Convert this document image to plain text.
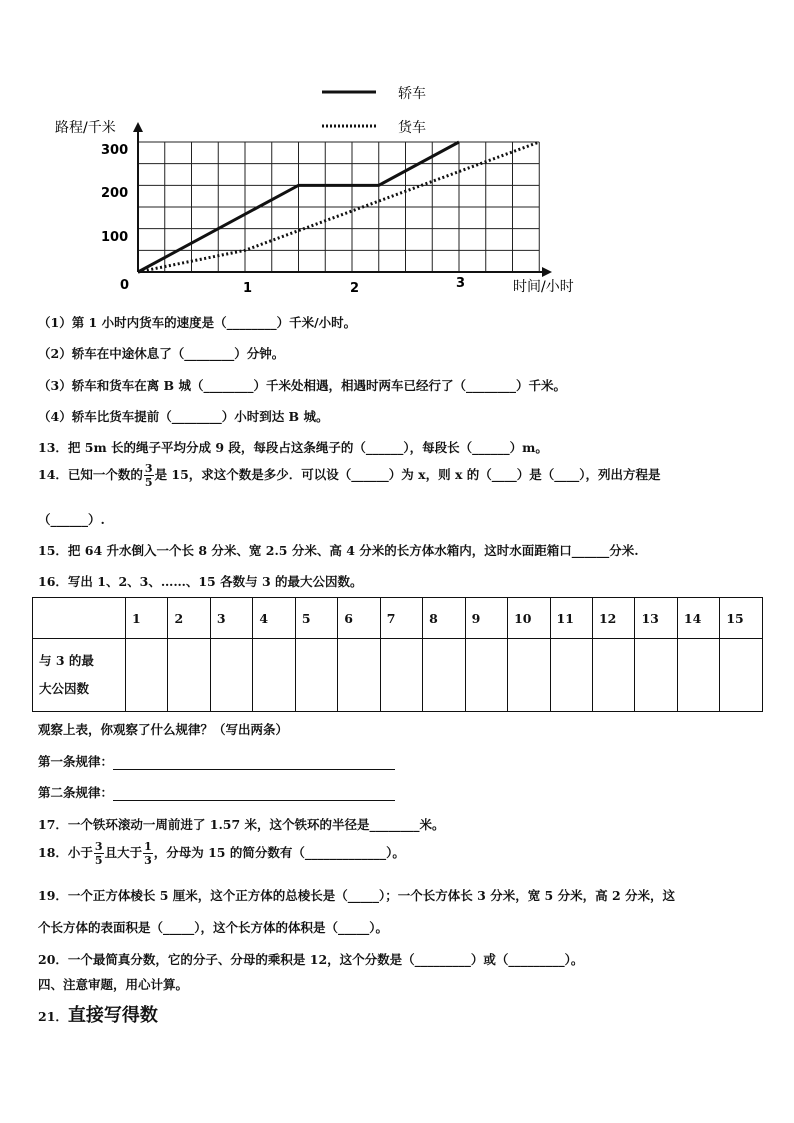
轿车
货车
路程/千米
时间/小时
0	1	2	3
100
200
300
（1）第 1 小时内货车的速度是（________）千米/小时。
（2）轿车在中途休息了（________）分钟。
（3）轿车和货车在离 B 城（________）千米处相遇，相遇时两车已经行了（________）千米。
（4）轿车比货车提前（________）小时到达 B 城。
13．把 5m 长的绳子平均分成 9 段，每段占这条绳子的（______），每段长（______）m。
14．已知一个数的 $\frac{3}{5}$ 是 15，求这个数是多少．可以设（______）为 x，则 x 的（____）是（____），列出方程是
（______）.
15．把 64 升水倒入一个长 8 分米、宽 2.5 分米、高 4 分米的长方体水箱内，这时水面距箱口______分米.
16．写出 1、2、3、……、15 各数与 3 的最大公因数。
	1	2	3	4	5	6	7	8	9	10	11	12	13	14	15
与 3 的最
大公因数															
观察上表，你观察了什么规律？（写出两条）
第一条规律：
第二条规律：
17．一个铁环滚动一周前进了 1.57 米，这个铁环的半径是________米。
18．小于 $\frac{3}{5}$ 且大于 $\frac{1}{3}$ ，分母为 15 的简分数有（_____________）。
19．一个正方体棱长 5 厘米，这个正方体的总棱长是（_____）；一个长方体长 3 分米，宽 5 分米，高 2 分米，这
个长方体的表面积是（_____），这个长方体的体积是（_____）。
20．一个最简真分数，它的分子、分母的乘积是 12，这个分数是（_________）或（_________）。
四、注意审题，用心计算。
21．直接写得数
